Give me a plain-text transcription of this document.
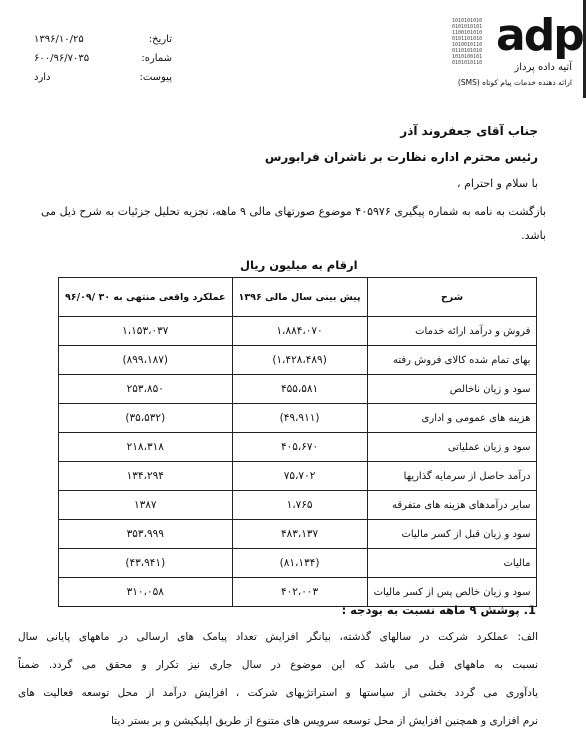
تاریخ:
۱۳۹۶/۱۰/۲۵
شماره:
۶۰۰/۹۶/۷۰۳۵
پیوست:
دارد
1010101010
0101010101
1100101010
0101101010
1010010110
0110101010
1010100101
0101010110
adp
آتیه داده پرداز
ارائه دهنده خدمات پیام کوتاه (SMS)
جناب آقای جعفروند آذر
رئیس محترم اداره نظارت بر ناشران فرابورس
با سلام و احترام ،
بازگشت به نامه به شماره پیگیری ۴۰۵۹۷۶ موضوع صورتهای مالی ۹ ماهه، تجزیه تحلیل جزئیات به شرح ذیل می باشد.
ارقام به میلیون ریال
شرح	پیش بینی سال مالی ۱۳۹۶	عملکرد واقعی منتهی به ۳۰ /۹۶/۰۹
فروش و درآمد ارائه خدمات	۱،۸۸۴،۰۷۰	۱،۱۵۳،۰۳۷
بهای تمام شده کالای فروش رفته	(۱،۴۲۸،۴۸۹)	(۸۹۹،۱۸۷)
سود و زیان ناخالص	۴۵۵،۵۸۱	۲۵۳،۸۵۰
هزینه های عمومی و اداری	(۴۹،۹۱۱)	(۳۵،۵۳۲)
سود و زیان عملیاتی	۴۰۵،۶۷۰	۲۱۸،۳۱۸
درآمد حاصل از سرمایه گذاریها	۷۵،۷۰۲	۱۳۴،۲۹۴
سایر درآمدهای هزینه های متفرقه	۱،۷۶۵	۱۳۸۷
سود و زیان قبل از کسر مالیات	۴۸۳،۱۳۷	۳۵۳،۹۹۹
مالیات	(۸۱،۱۳۴)	(۴۳،۹۴۱)
سود و زیان خالص پس از کسر مالیات	۴۰۲،۰۰۳	۳۱۰،۰۵۸
1. پوشش ۹ ماهه نسبت به بودجه :
الف: عملکرد شرکت در سالهای گذشته، بیانگر افزایش تعداد پیامک های ارسالی در ماههای پایانی سال
نسبت به ماههای قبل می باشد که این موضوع در سال جاری نیز تکرار و محقق می گردد. ضمناً
یادآوری می گردد بخشی از سیاستها و استراتژیهای شرکت ، افزایش درآمد از محل توسعه فعالیت های
نرم افزاری و همچنین افزایش از محل توسعه سرویس های متنوع از طریق اپلیکیشن و بر بستر دیتا
